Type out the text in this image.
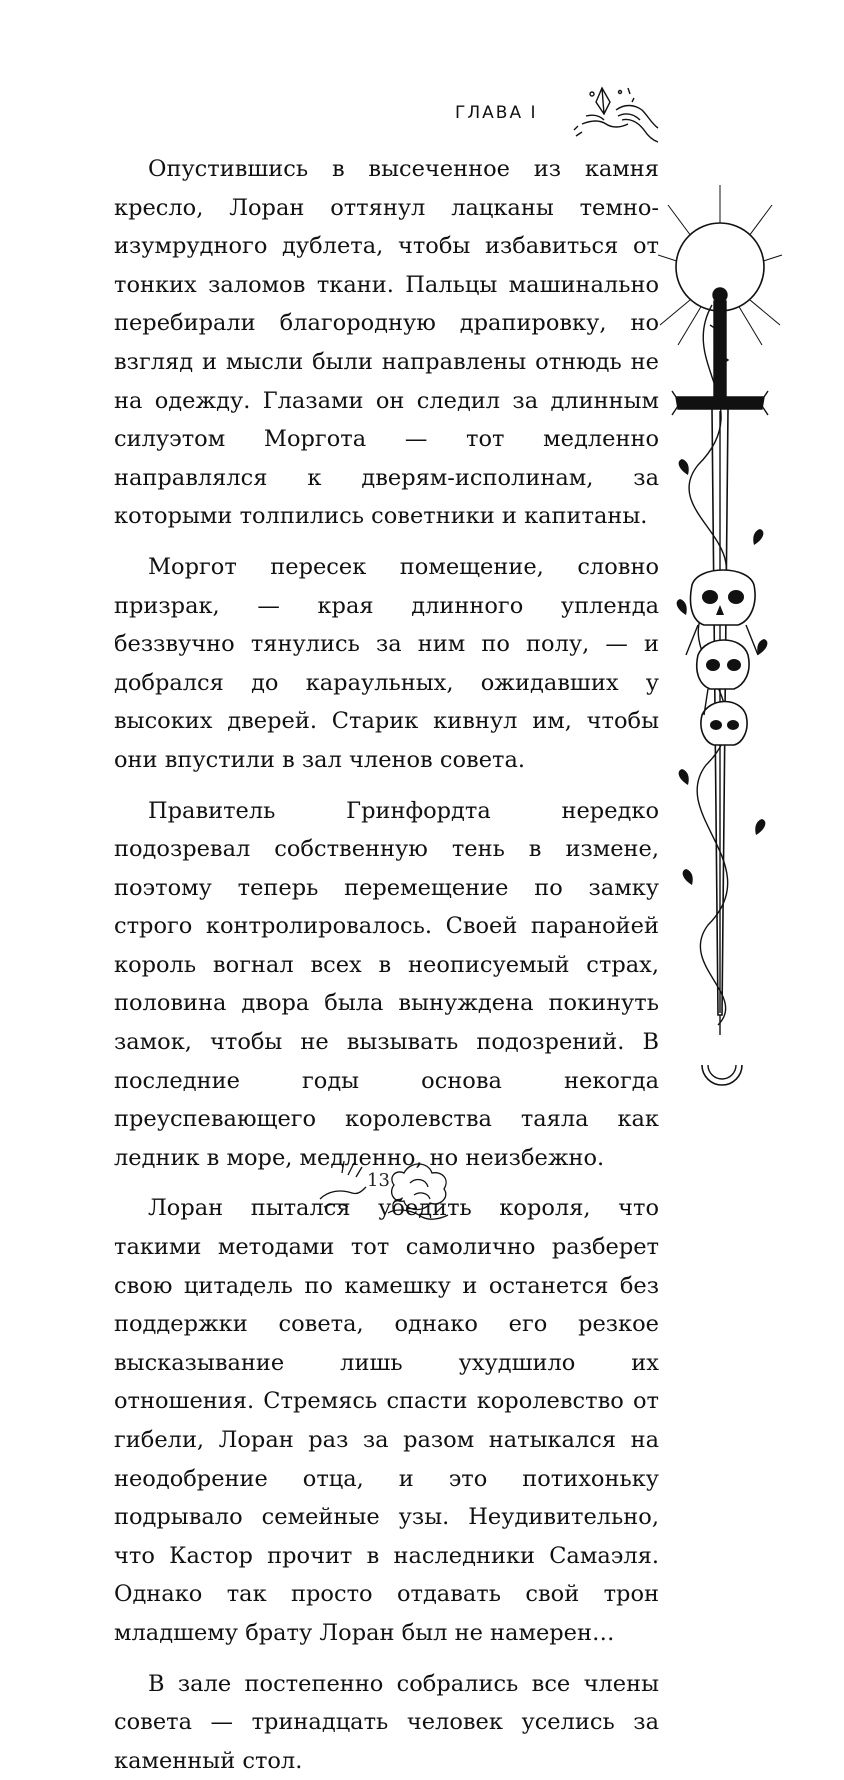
ГЛАВА I

Опустившись в высеченное из камня кресло, Лоран оттянул лацканы темно-изумрудного дублета, чтобы избавиться от тонких заломов ткани. Пальцы машинально перебирали благородную драпировку, но взгляд и мысли были направлены отнюдь не на одежду. Глазами он следил за длинным силуэтом Моргота — тот медленно направлялся к дверям-исполинам, за которыми толпились советники и капитаны.

Моргот пересек помещение, словно призрак, — края длинного упленда беззвучно тянулись за ним по полу, — и добрался до караульных, ожидавших у высоких дверей. Старик кивнул им, чтобы они впустили в зал членов совета.

Правитель Гринфордта нередко подозревал собственную тень в измене, поэтому теперь перемещение по замку строго контролировалось. Своей паранойей король вогнал всех в неописуемый страх, половина двора была вынуждена покинуть замок, чтобы не вызывать подозрений. В последние годы основа некогда преуспевающего королевства таяла как ледник в море, медленно, но неизбежно.

Лоран пытался убедить короля, что такими методами тот самолично разберет свою цитадель по камешку и останется без поддержки совета, однако его резкое высказывание лишь ухудшило их отношения. Стремясь спасти королевство от гибели, Лоран раз за разом натыкался на неодобрение отца, и это потихоньку подрывало семейные узы. Неудивительно, что Кастор прочит в наследники Самаэля. Однако так просто отдавать свой трон младшему брату Лоран был не намерен…

В зале постепенно собрались все члены совета — тринадцать человек уселись за каменный стол.

13
